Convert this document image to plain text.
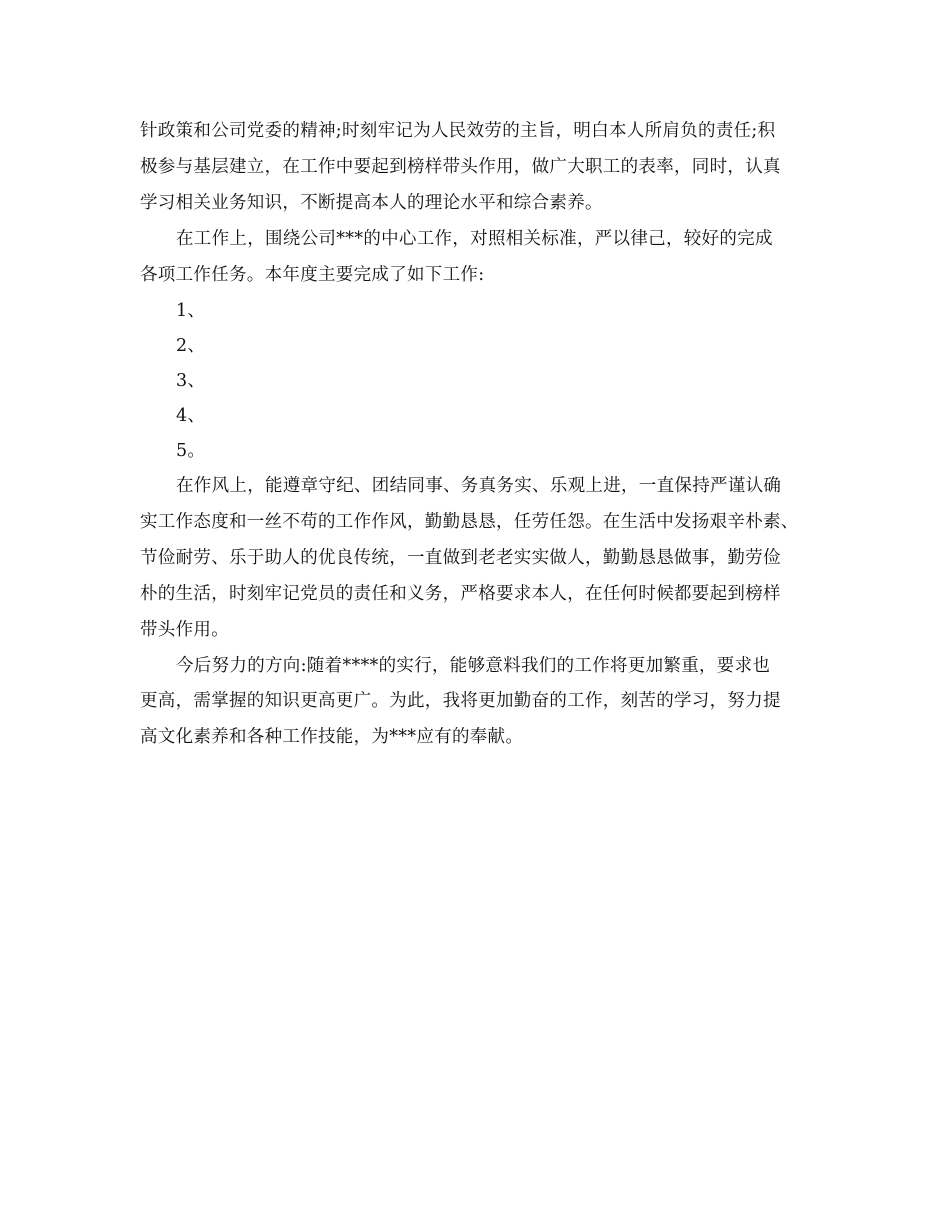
针政策和公司党委的精神;时刻牢记为人民效劳的主旨，明白本人所肩负的责任;积
极参与基层建立，在工作中要起到榜样带头作用，做广大职工的表率，同时，认真
学习相关业务知识，不断提高本人的理论水平和综合素养。
在工作上，围绕公司***的中心工作，对照相关标准，严以律己，较好的完成
各项工作任务。本年度主要完成了如下工作:
1、
2、
3、
4、
5。
在作风上，能遵章守纪、团结同事、务真务实、乐观上进，一直保持严谨认确
实工作态度和一丝不苟的工作作风，勤勤恳恳，任劳任怨。在生活中发扬艰辛朴素、
节俭耐劳、乐于助人的优良传统，一直做到老老实实做人，勤勤恳恳做事，勤劳俭
朴的生活，时刻牢记党员的责任和义务，严格要求本人，在任何时候都要起到榜样
带头作用。
今后努力的方向:随着****的实行，能够意料我们的工作将更加繁重，要求也
更高，需掌握的知识更高更广。为此，我将更加勤奋的工作，刻苦的学习，努力提
高文化素养和各种工作技能，为***应有的奉献。
